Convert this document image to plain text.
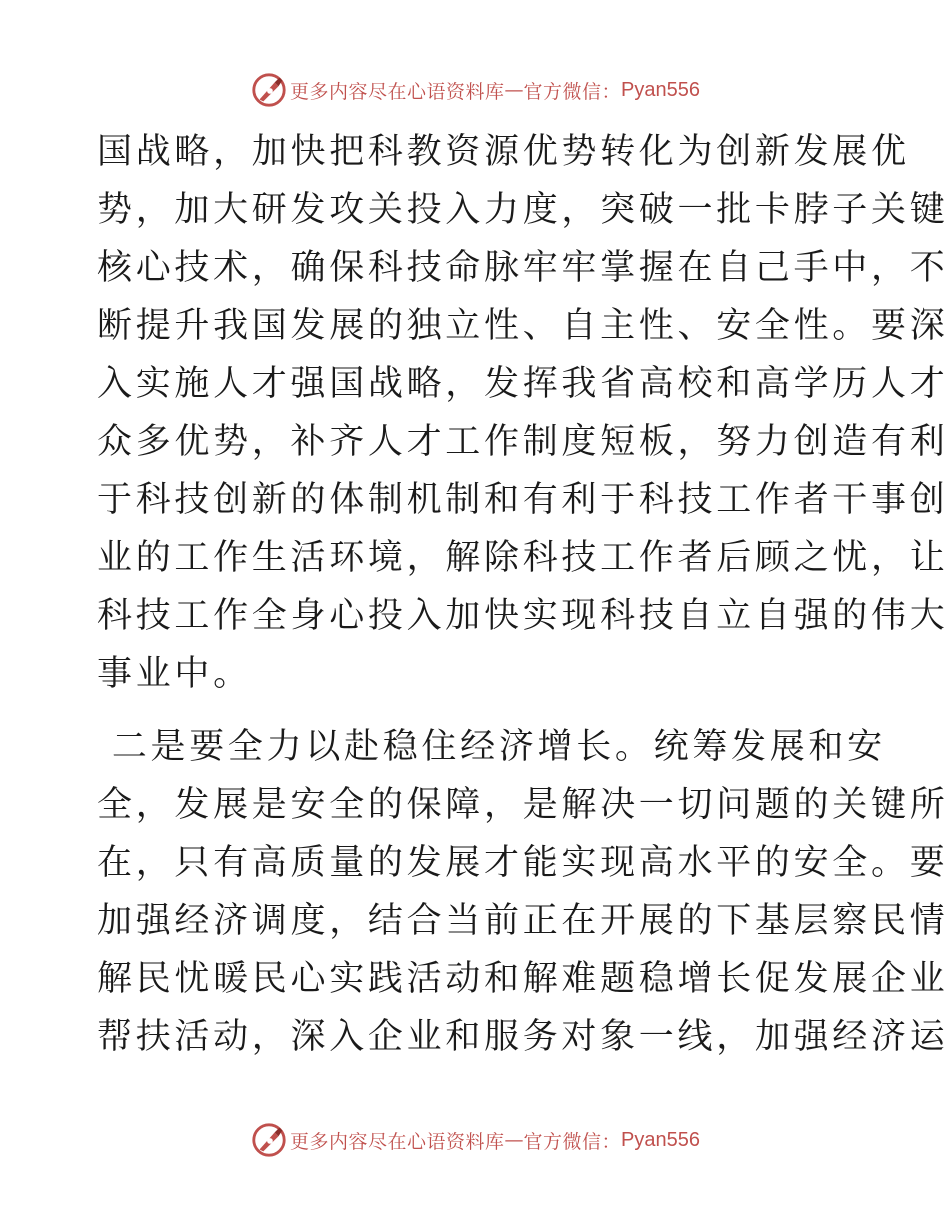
更多内容尽在心语资料库 — 官方微信： Pyan556
国战略，加快把科教资源优势转化为创新发展优
势，加大研发攻关投入力度，突破一批卡脖子关键
核心技术，确保科技命脉牢牢掌握在自己手中，不
断提升我国发展的独立性、自主性、安全性。要深
入实施人才强国战略，发挥我省高校和高学历人才
众多优势，补齐人才工作制度短板，努力创造有利
于科技创新的体制机制和有利于科技工作者干事创
业的工作生活环境，解除科技工作者后顾之忧，让
科技工作全身心投入加快实现科技自立自强的伟大
事业中。
二是要全力以赴稳住经济增长。统筹发展和安
全，发展是安全的保障，是解决一切问题的关键所
在，只有高质量的发展才能实现高水平的安全。要
加强经济调度，结合当前正在开展的下基层察民情
解民忧暖民心实践活动和解难题稳增长促发展企业
帮扶活动，深入企业和服务对象一线，加强经济运
更多内容尽在心语资料库 — 官方微信： Pyan556
